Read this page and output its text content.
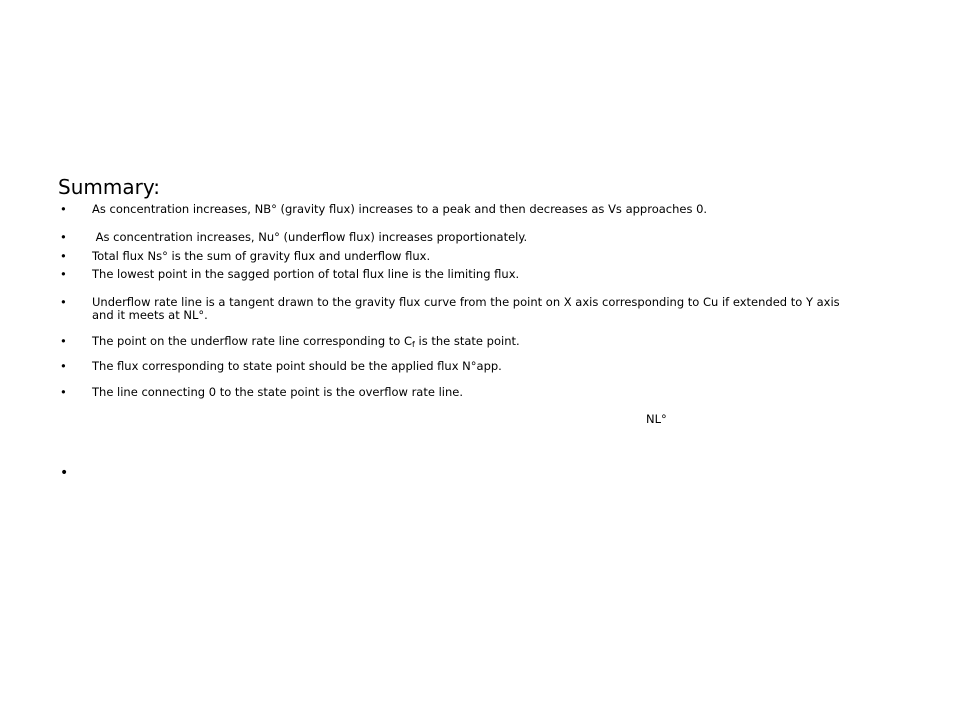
Summary:
• As concentration increases, NB° (gravity flux) increases to a peak and then decreases as Vs approaches 0.
• As concentration increases, Nu° (underflow flux) increases proportionately.
• Total flux Ns° is the sum of gravity flux and underflow flux.
• The lowest point in the sagged portion of total flux line is the limiting flux.
• Underflow rate line is a tangent drawn to the gravity flux curve from the point on X axis corresponding to Cu if extended to Y axis and it meets at NL°.
• The point on the underflow rate line corresponding to $C_f$ is the state point.
• The flux corresponding to state point should be the applied flux N°app.
• The line connecting 0 to the state point is the overflow rate line.
NL°
•
